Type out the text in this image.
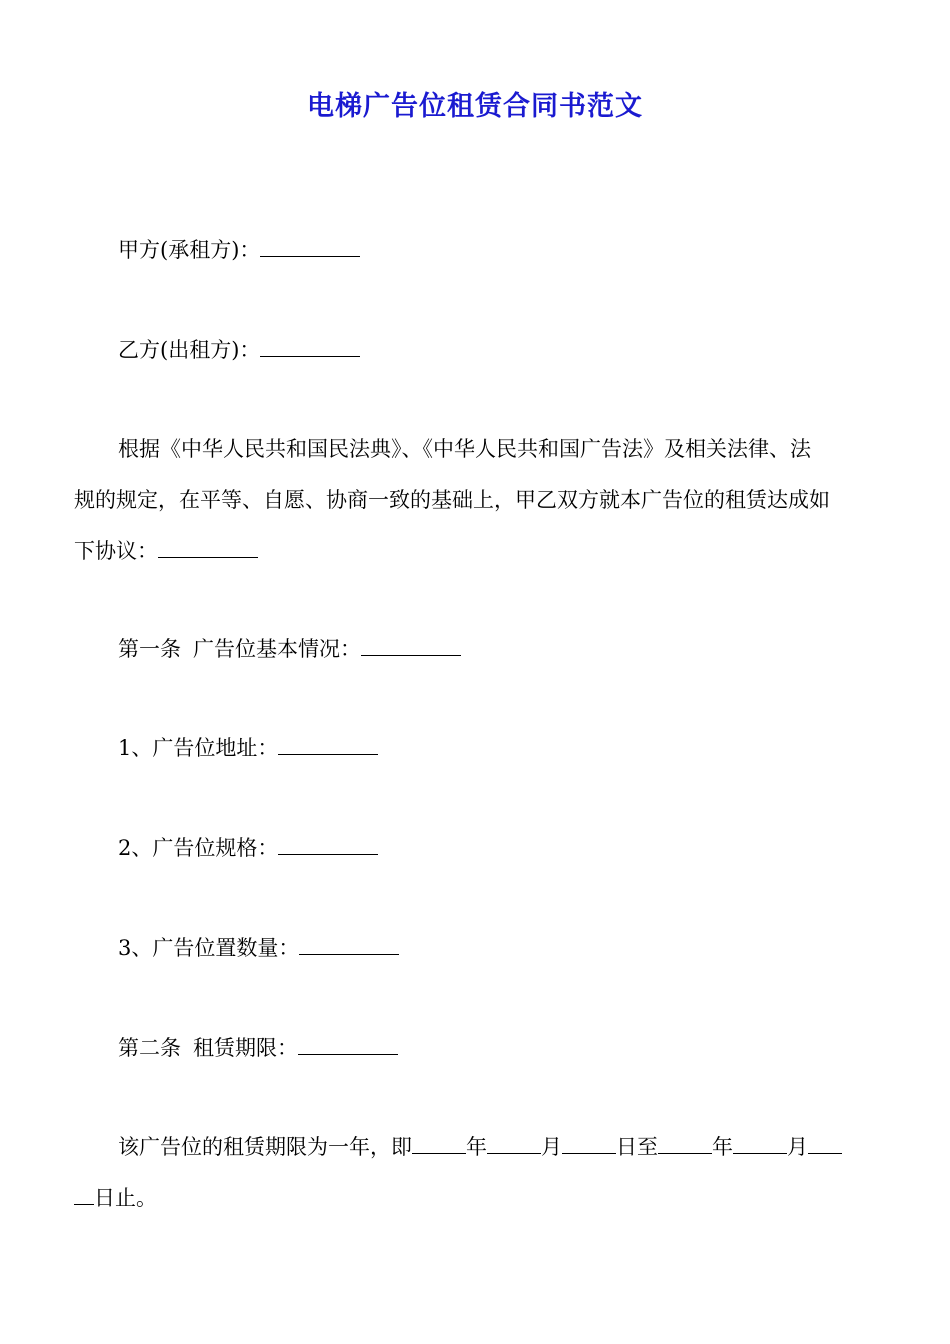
电梯广告位租赁合同书范文
甲方(承租方)：
乙方(出租方)：
根据《中华人民共和国民法典》、《中华人民共和国广告法》及相关法律、法
规的规定，在平等、自愿、协商一致的基础上，甲乙双方就本广告位的租赁达成如
下协议：
第一条 广告位基本情况：
1、广告位地址：
2、广告位规格：
3、广告位置数量：
第二条 租赁期限：
该广告位的租赁期限为一年，即	年	月	日至	年	月
日止。
